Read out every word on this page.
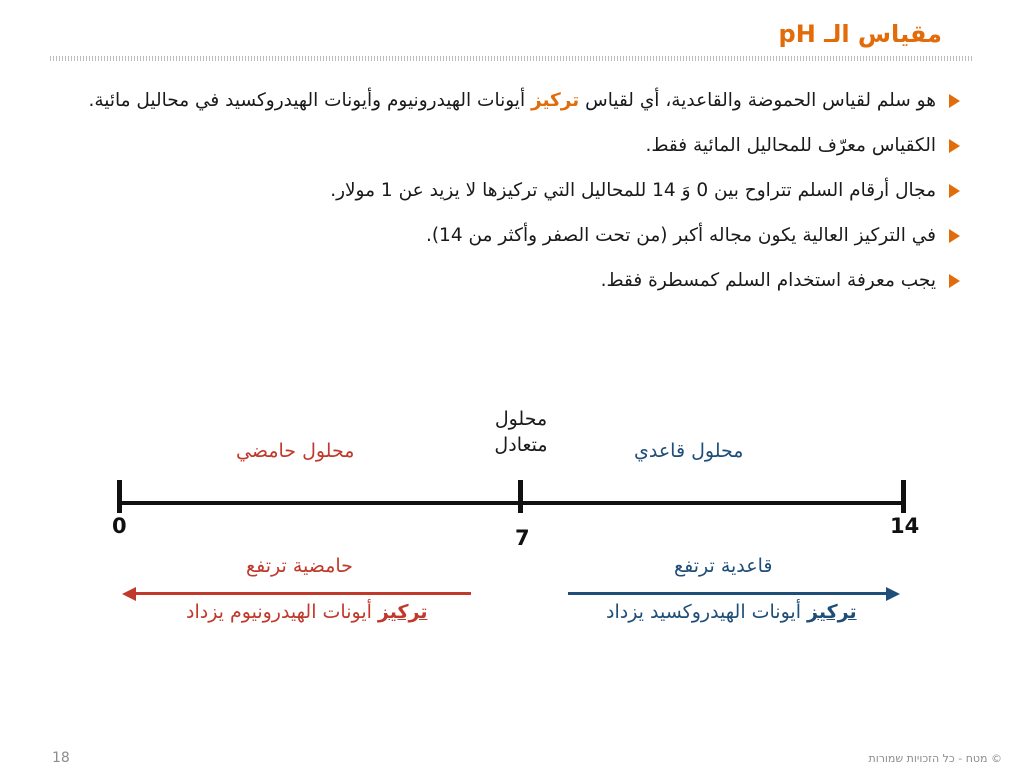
مقياس الـ pH
هو سلم لقياس الحموضة والقاعدية، أي لقياس تركيز أيونات الهيدرونيوم وأيونات الهيدروكسيد في محاليل مائية.
الكقياس معرّف للمحاليل المائية فقط.
مجال أرقام السلم تتراوح بين 0 وَ 14 للمحاليل التي تركيزها لا يزيد عن 1 مولار.
في التركيز العالية يكون مجاله أكبر (من تحت الصفر وأكثر من 14).
يجب معرفة استخدام السلم كمسطرة فقط.
محلول حامضي
محلول
متعادل	محلول قاعدي
0	7	14
حامضية ترتفع	قاعدية ترتفع
تركيز أيونات الهيدرونيوم يزداد	تركيز أيونات الهيدروكسيد يزداد
18	© מטח - כל הזכויות שמורות
